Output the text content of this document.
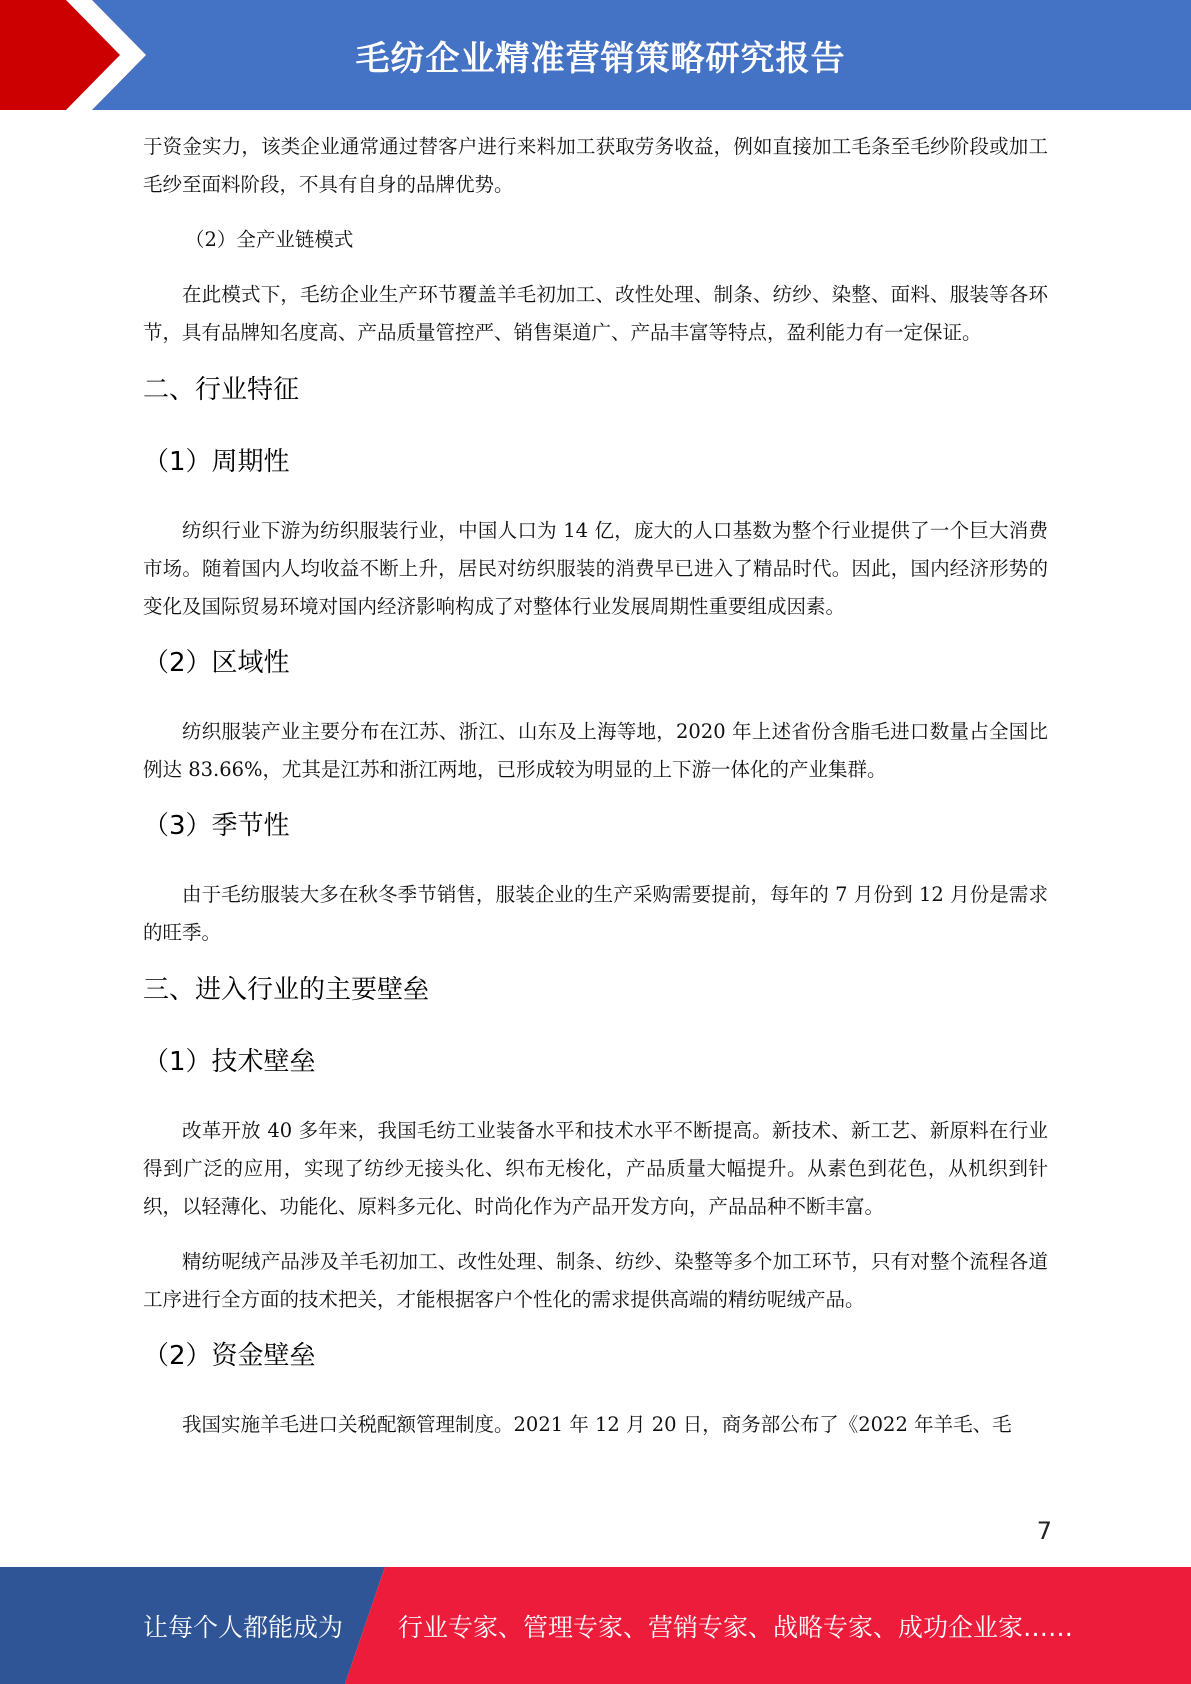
毛纺企业精准营销策略研究报告

于资金实力，该类企业通常通过替客户进行来料加工获取劳务收益，例如直接加工毛条至毛纱阶段或加工毛纱至面料阶段，不具有自身的品牌优势。

（2）全产业链模式

在此模式下，毛纺企业生产环节覆盖羊毛初加工、改性处理、制条、纺纱、染整、面料、服装等各环节，具有品牌知名度高、产品质量管控严、销售渠道广、产品丰富等特点，盈利能力有一定保证。

二、行业特征
（1）周期性

纺织行业下游为纺织服装行业，中国人口为 14 亿，庞大的人口基数为整个行业提供了一个巨大消费市场。随着国内人均收益不断上升，居民对纺织服装的消费早已进入了精品时代。因此，国内经济形势的变化及国际贸易环境对国内经济影响构成了对整体行业发展周期性重要组成因素。

（2）区域性

纺织服装产业主要分布在江苏、浙江、山东及上海等地，2020 年上述省份含脂毛进口数量占全国比例达 83.66%，尤其是江苏和浙江两地，已形成较为明显的上下游一体化的产业集群。

（3）季节性

由于毛纺服装大多在秋冬季节销售，服装企业的生产采购需要提前，每年的 7 月份到 12 月份是需求的旺季。

三、进入行业的主要壁垒
（1）技术壁垒

改革开放 40 多年来，我国毛纺工业装备水平和技术水平不断提高。新技术、新工艺、新原料在行业得到广泛的应用，实现了纺纱无接头化、织布无梭化，产品质量大幅提升。从素色到花色，从机织到针织，以轻薄化、功能化、原料多元化、时尚化作为产品开发方向，产品品种不断丰富。

精纺呢绒产品涉及羊毛初加工、改性处理、制条、纺纱、染整等多个加工环节，只有对整个流程各道工序进行全方面的技术把关，才能根据客户个性化的需求提供高端的精纺呢绒产品。

（2）资金壁垒

我国实施羊毛进口关税配额管理制度。2021 年 12 月 20 日，商务部公布了《2022 年羊毛、毛

7
让每个人都能成为 行业专家、管理专家、营销专家、战略专家、成功企业家……
